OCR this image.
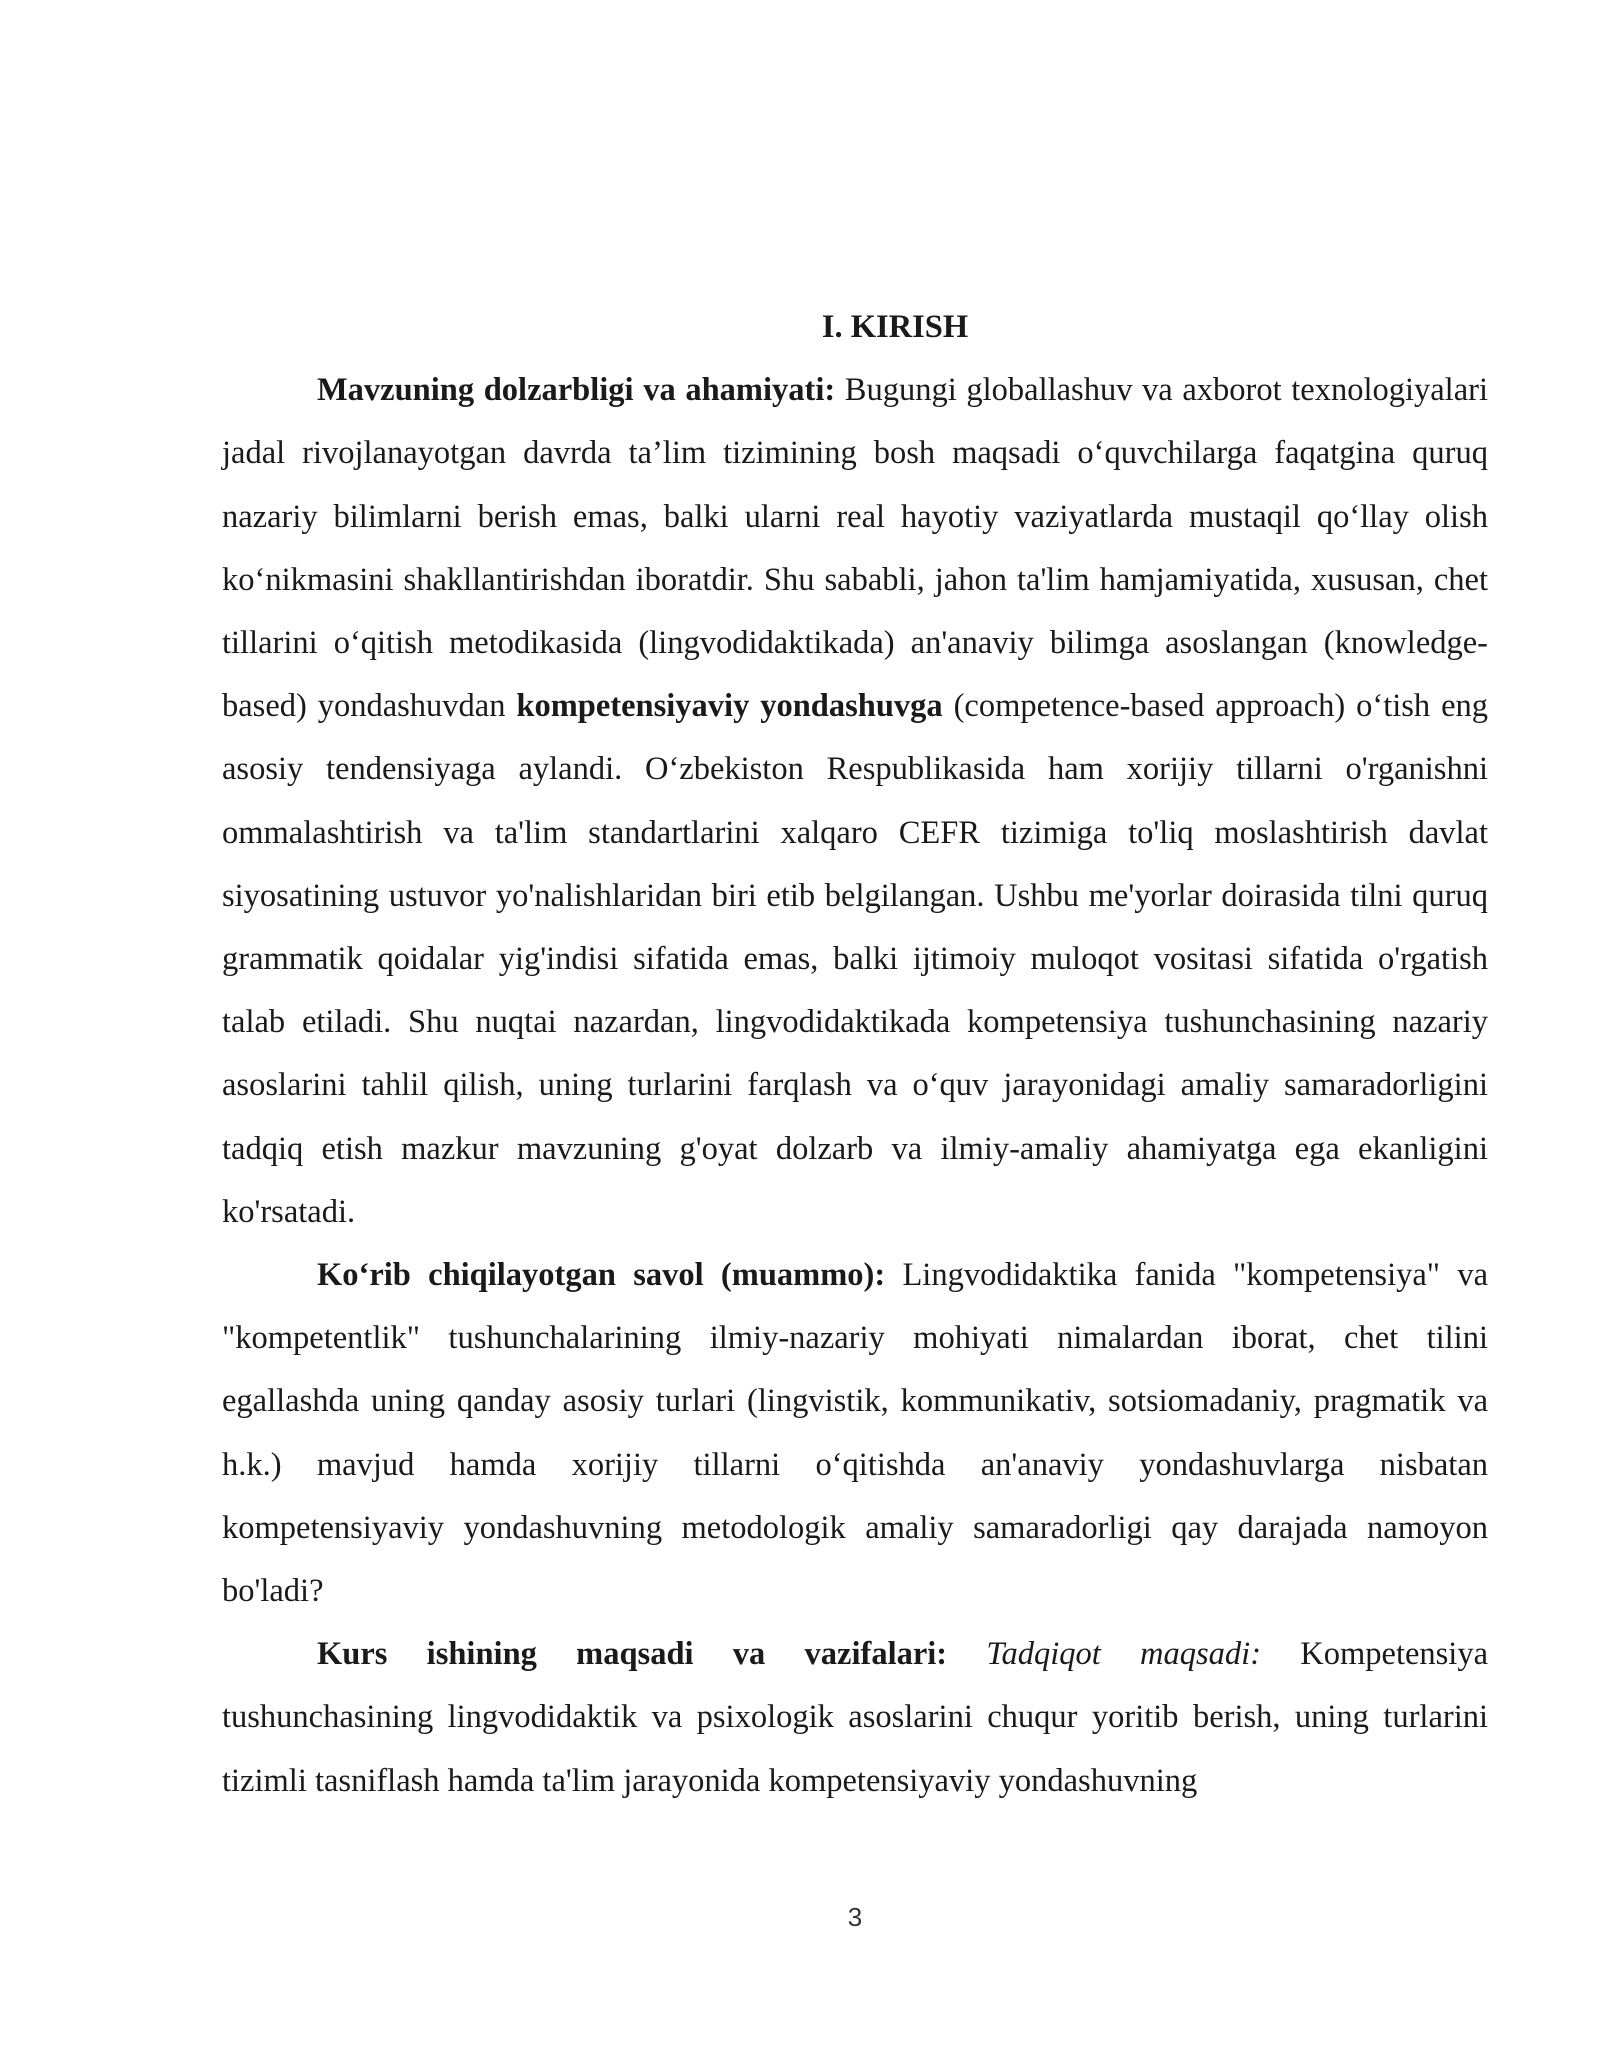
I. KIRISH

Mavzuning dolzarbligi va ahamiyati: Bugungi globallashuv va axborot texnologiyalari jadal rivojlanayotgan davrda ta’lim tizimining bosh maqsadi o‘quvchilarga faqatgina quruq nazariy bilimlarni berish emas, balki ularni real hayotiy vaziyatlarda mustaqil qo‘llay olish ko‘nikmasini shakllantirishdan iboratdir. Shu sababli, jahon ta'lim hamjamiyatida, xususan, chet tillarini o‘qitish metodikasida (lingvodidaktikada) an'anaviy bilimga asoslangan (knowledge-based) yondashuvdan kompetensiyaviy yondashuvga (competence-based approach) o‘tish eng asosiy tendensiyaga aylandi. O‘zbekiston Respublikasida ham xorijiy tillarni o'rganishni ommalashtirish va ta'lim standartlarini xalqaro CEFR tizimiga to'liq moslashtirish davlat siyosatining ustuvor yo'nalishlaridan biri etib belgilangan. Ushbu me'yorlar doirasida tilni quruq grammatik qoidalar yig'indisi sifatida emas, balki ijtimoiy muloqot vositasi sifatida o'rgatish talab etiladi. Shu nuqtai nazardan, lingvodidaktikada kompetensiya tushunchasining nazariy asoslarini tahlil qilish, uning turlarini farqlash va o‘quv jarayonidagi amaliy samaradorligini tadqiq etish mazkur mavzuning g'oyat dolzarb va ilmiy-amaliy ahamiyatga ega ekanligini ko'rsatadi.

Ko‘rib chiqilayotgan savol (muammo): Lingvodidaktika fanida "kompetensiya" va "kompetentlik" tushunchalarining ilmiy-nazariy mohiyati nimalardan iborat, chet tilini egallashda uning qanday asosiy turlari (lingvistik, kommunikativ, sotsiomadaniy, pragmatik va h.k.) mavjud hamda xorijiy tillarni o‘qitishda an'anaviy yondashuvlarga nisbatan kompetensiyaviy yondashuvning metodologik amaliy samaradorligi qay darajada namoyon bo'ladi?

Kurs ishining maqsadi va vazifalari: Tadqiqot maqsadi: Kompetensiya tushunchasining lingvodidaktik va psixologik asoslarini chuqur yoritib berish, uning turlarini tizimli tasniflash hamda ta'lim jarayonida kompetensiyaviy yondashuvning

3
